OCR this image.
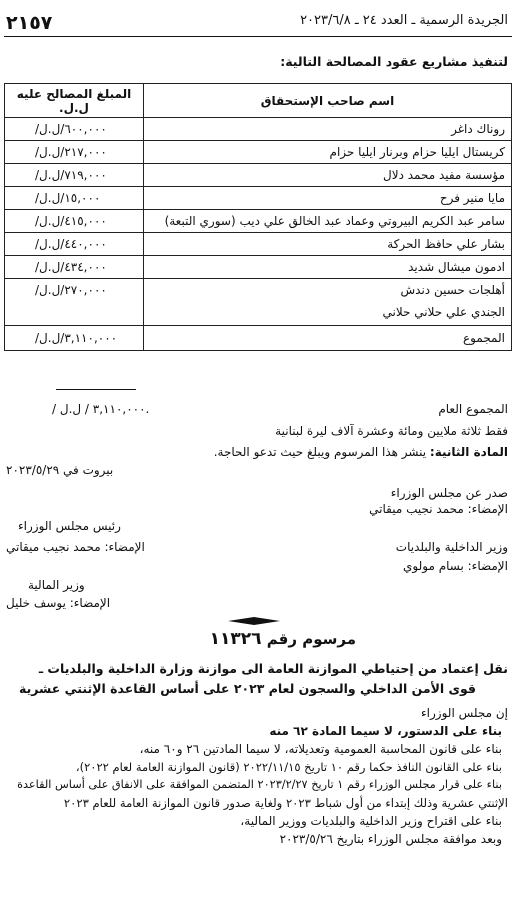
٢١٥٧	الجريدة الرسمية ـ العدد ٢٤ ـ ٢٠٢٣/٦/٨
لتنفيذ مشاريع عقود المصالحة التالية:
اسم صاحب الإستحقاق	المبلغ المصالح عليه ل.ل.
روناك داغر	/٦٠٠,٠٠٠/ل.ل
كريستال ايليا حزام وبرنار ايليا حزام	/٢١٧,٠٠٠/ل.ل
مؤسسة مفيد محمد دلال	/٧١٩,٠٠٠/ل.ل
مايا منير فرح	/١٥,٠٠٠/ل.ل
سامر عبد الكريم البيروتي وعماد عبد الخالق علي ديب (سوري التبعة)	/٤١٥,٠٠٠/ل.ل
بشار علي حافظ الحركة	/٤٤٠,٠٠٠/ل.ل
ادمون ميشال شديد	/٤٣٤,٠٠٠/ل.ل

أهلجات حسين دندش
الجندي علي حلاني حلاني	/٢٧٠,٠٠٠/ل.ل

المجموع	/٣,١١٠,٠٠٠/ل.ل
المجموع العام
/ ٣,١١٠,٠٠٠ / ل.ل.
فقط ثلاثة ملايين ومائة وعشرة آلاف ليرة لبنانية
المادة الثانية: ينشر هذا المرسوم ويبلغ حيث تدعو الحاجة.
بيروت في ٢٠٢٣/٥/٢٩
صدر عن مجلس الوزراء
الإمضاء: محمد نجيب ميقاتي
رئيس مجلس الوزراء
الإمضاء: محمد نجيب ميقاتي	وزير الداخلية والبلديات
الإمضاء: بسام مولوي
وزير المالية
الإمضاء: يوسف خليل
مرسوم رقم ١١٣٢٦
نقل إعتماد من إحتياطي الموازنة العامة الى موازنة وزارة الداخلية والبلديات ـ
قوى الأمن الداخلي والسجون لعام ٢٠٢٣ على أساس القاعدة الإثنتي عشرية
إن مجلس الوزراء
بناء على الدستور، لا سيما المادة ٦٢ منه
بناء على قانون المحاسبة العمومية وتعديلاته، لا سيما المادتين ٢٦ و٦٠ منه،
بناء على القانون النافذ حكما رقم ١٠ تاريخ ٢٠٢٢/١١/١٥ (قانون الموازنة العامة لعام ٢٠٢٢)،
بناء على قرار مجلس الوزراء رقم ١ تاريخ ٢٠٢٣/٢/٢٧ المتضمن الموافقة على الانفاق على أساس القاعدة
الإثنتي عشرية وذلك إبتداء من أول شباط ٢٠٢٣ ولغاية صدور قانون الموازنة العامة للعام ٢٠٢٣
بناء على اقتراح وزير الداخلية والبلديات ووزير المالية،
وبعد موافقة مجلس الوزراء بتاريخ ٢٠٢٣/٥/٢٦
